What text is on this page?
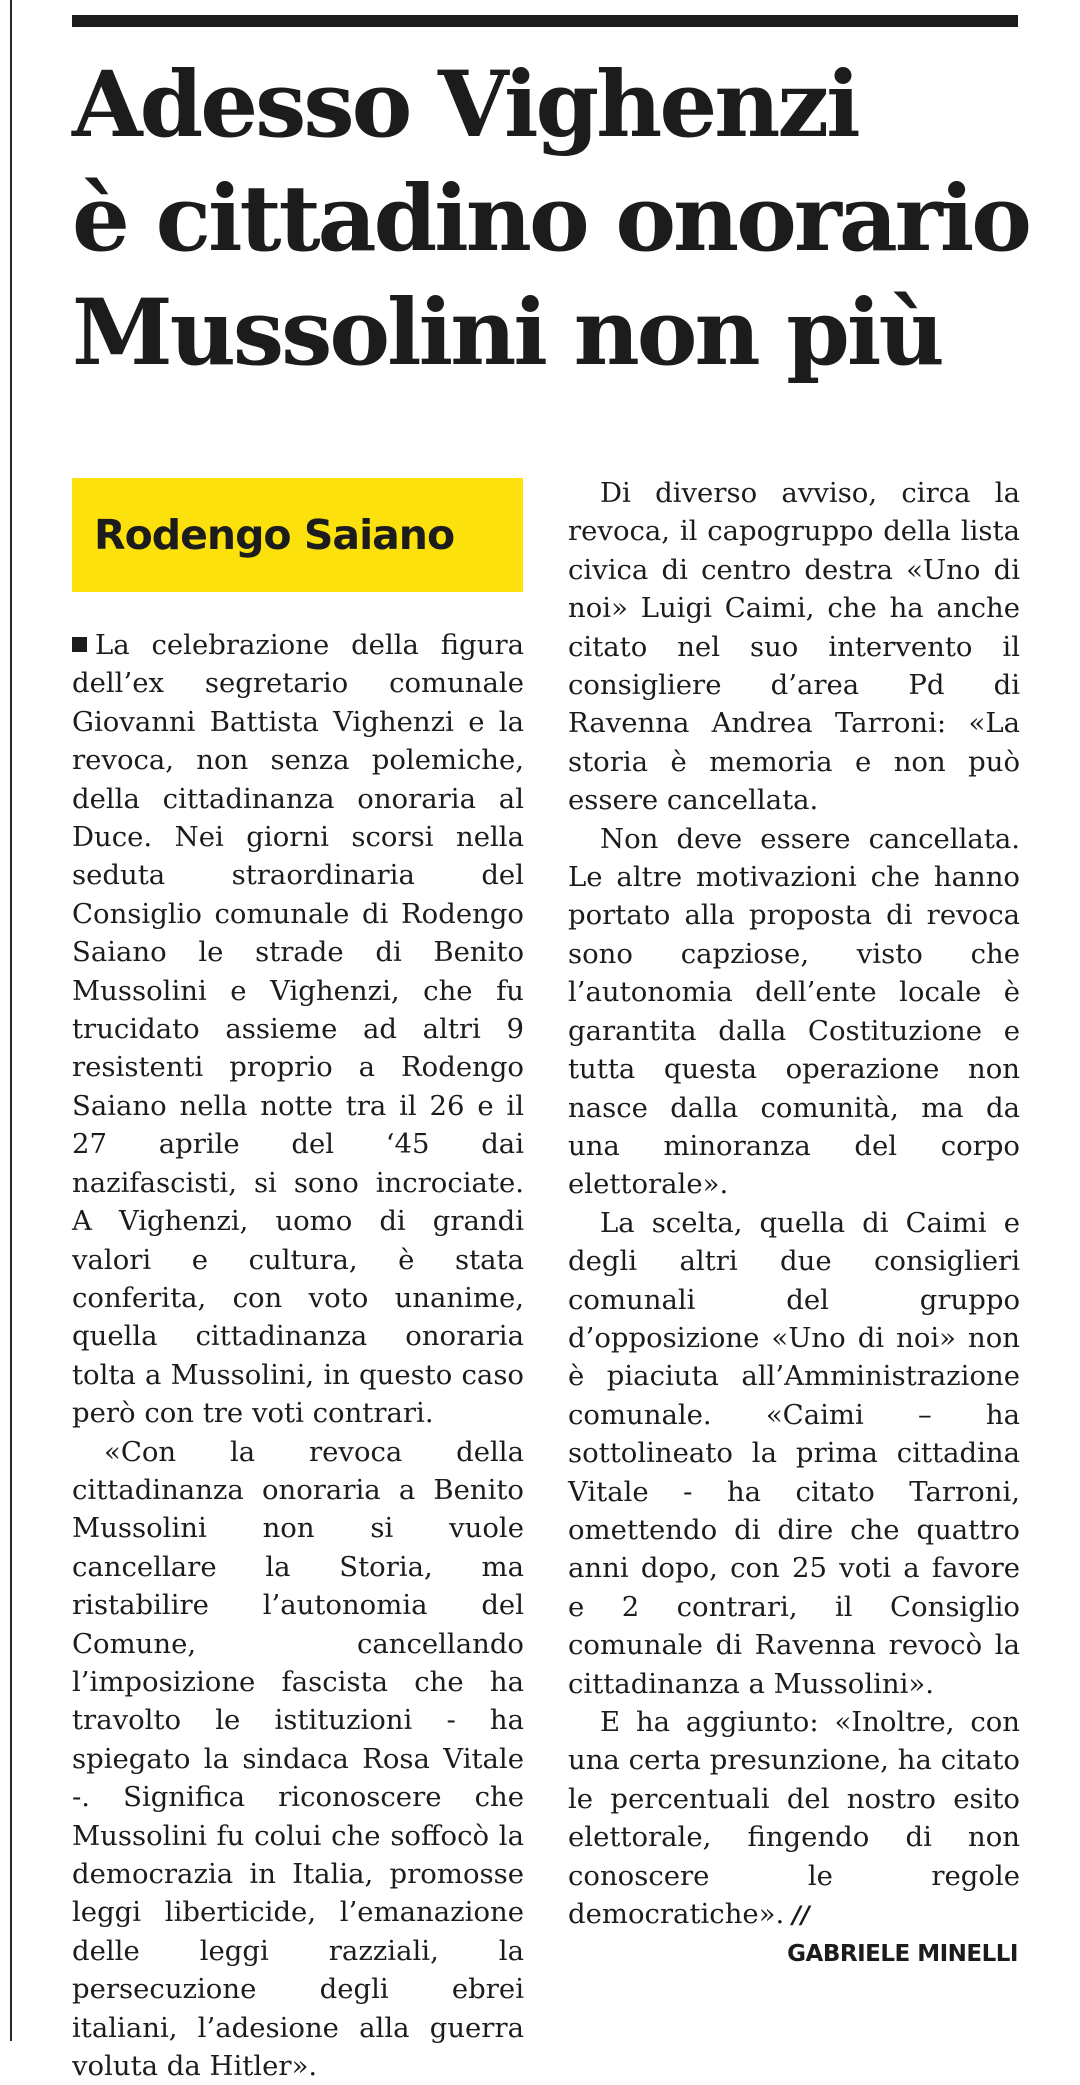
Adesso Vighenzi
è cittadino onorario
Mussolini non più
Rodengo Saiano

La celebrazione della figura dell’ex segretario comunale Giovanni Battista Vighenzi e la revoca, non senza polemiche, della cittadinanza onoraria al Duce. Nei giorni scorsi nella seduta straordinaria del Consiglio comunale di Rodengo Saiano le strade di Benito Mussolini e Vighenzi, che fu trucidato assieme ad altri 9 resistenti proprio a Rodengo Saiano nella notte tra il 26 e il 27 aprile del ‘45 dai nazifascisti, si sono incrociate. A Vighenzi, uomo di grandi valori e cultura, è stata conferita, con voto unanime, quella cittadinanza onoraria tolta a Mussolini, in questo caso però con tre voti contrari.

«Con la revoca della cittadinanza onoraria a Benito Mussolini non si vuole cancellare la Storia, ma ristabilire l’autonomia del Comune, cancellando l’imposizione fascista che ha travolto le istituzioni - ha spiegato la sindaca Rosa Vitale -. Significa riconoscere che Mussolini fu colui che soffocò la democrazia in Italia, promosse leggi liberticide, l’emanazione delle leggi razziali, la persecuzione degli ebrei italiani, l’adesione alla guerra voluta da Hitler».

Di diverso avviso, circa la revoca, il capogruppo della lista civica di centro destra «Uno di noi» Luigi Caimi, che ha anche citato nel suo intervento il consigliere d’area Pd di Ravenna Andrea Tarroni: «La storia è memoria e non può essere cancellata.

Non deve essere cancellata. Le altre motivazioni che hanno portato alla proposta di revoca sono capziose, visto che l’autonomia dell’ente locale è garantita dalla Costituzione e tutta questa operazione non nasce dalla comunità, ma da una minoranza del corpo elettorale».

La scelta, quella di Caimi e degli altri due consiglieri comunali del gruppo d’opposizione «Uno di noi» non è piaciuta all’Amministrazione comunale. «Caimi – ha sottolineato la prima cittadina Vitale - ha citato Tarroni, omettendo di dire che quattro anni dopo, con 25 voti a favore e 2 contrari, il Consiglio comunale di Ravenna revocò la cittadinanza a Mussolini».

E ha aggiunto: «Inoltre, con una certa presunzione, ha citato le percentuali del nostro esito elettorale, fingendo di non conoscere le regole democratiche». //

GABRIELE MINELLI
